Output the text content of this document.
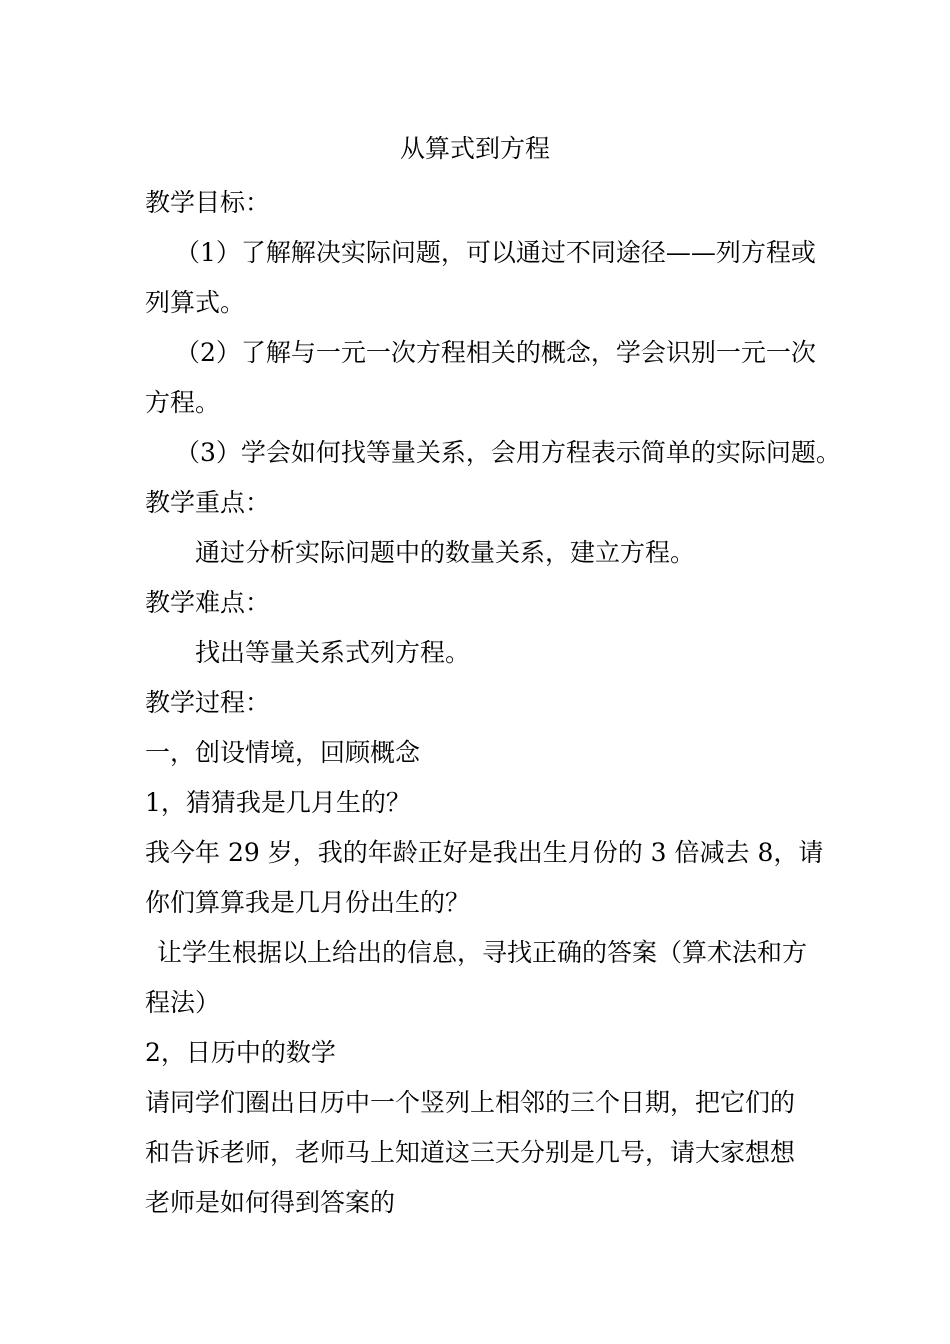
从算式到方程

教学目标：

（1）了解解决实际问题，可以通过不同途径——列方程或

列算式。

（2）了解与一元一次方程相关的概念，学会识别一元一次

方程。

（3）学会如何找等量关系，会用方程表示简单的实际问题。

教学重点：

通过分析实际问题中的数量关系，建立方程。

教学难点：

找出等量关系式列方程。

教学过程：

一，创设情境，回顾概念

1，猜猜我是几月生的？

我今年 29 岁，我的年龄正好是我出生月份的 3 倍减去 8，请

你们算算我是几月份出生的？

让学生根据以上给出的信息，寻找正确的答案（算术法和方

程法）

2，日历中的数学

请同学们圈出日历中一个竖列上相邻的三个日期，把它们的

和告诉老师，老师马上知道这三天分别是几号，请大家想想

老师是如何得到答案的
